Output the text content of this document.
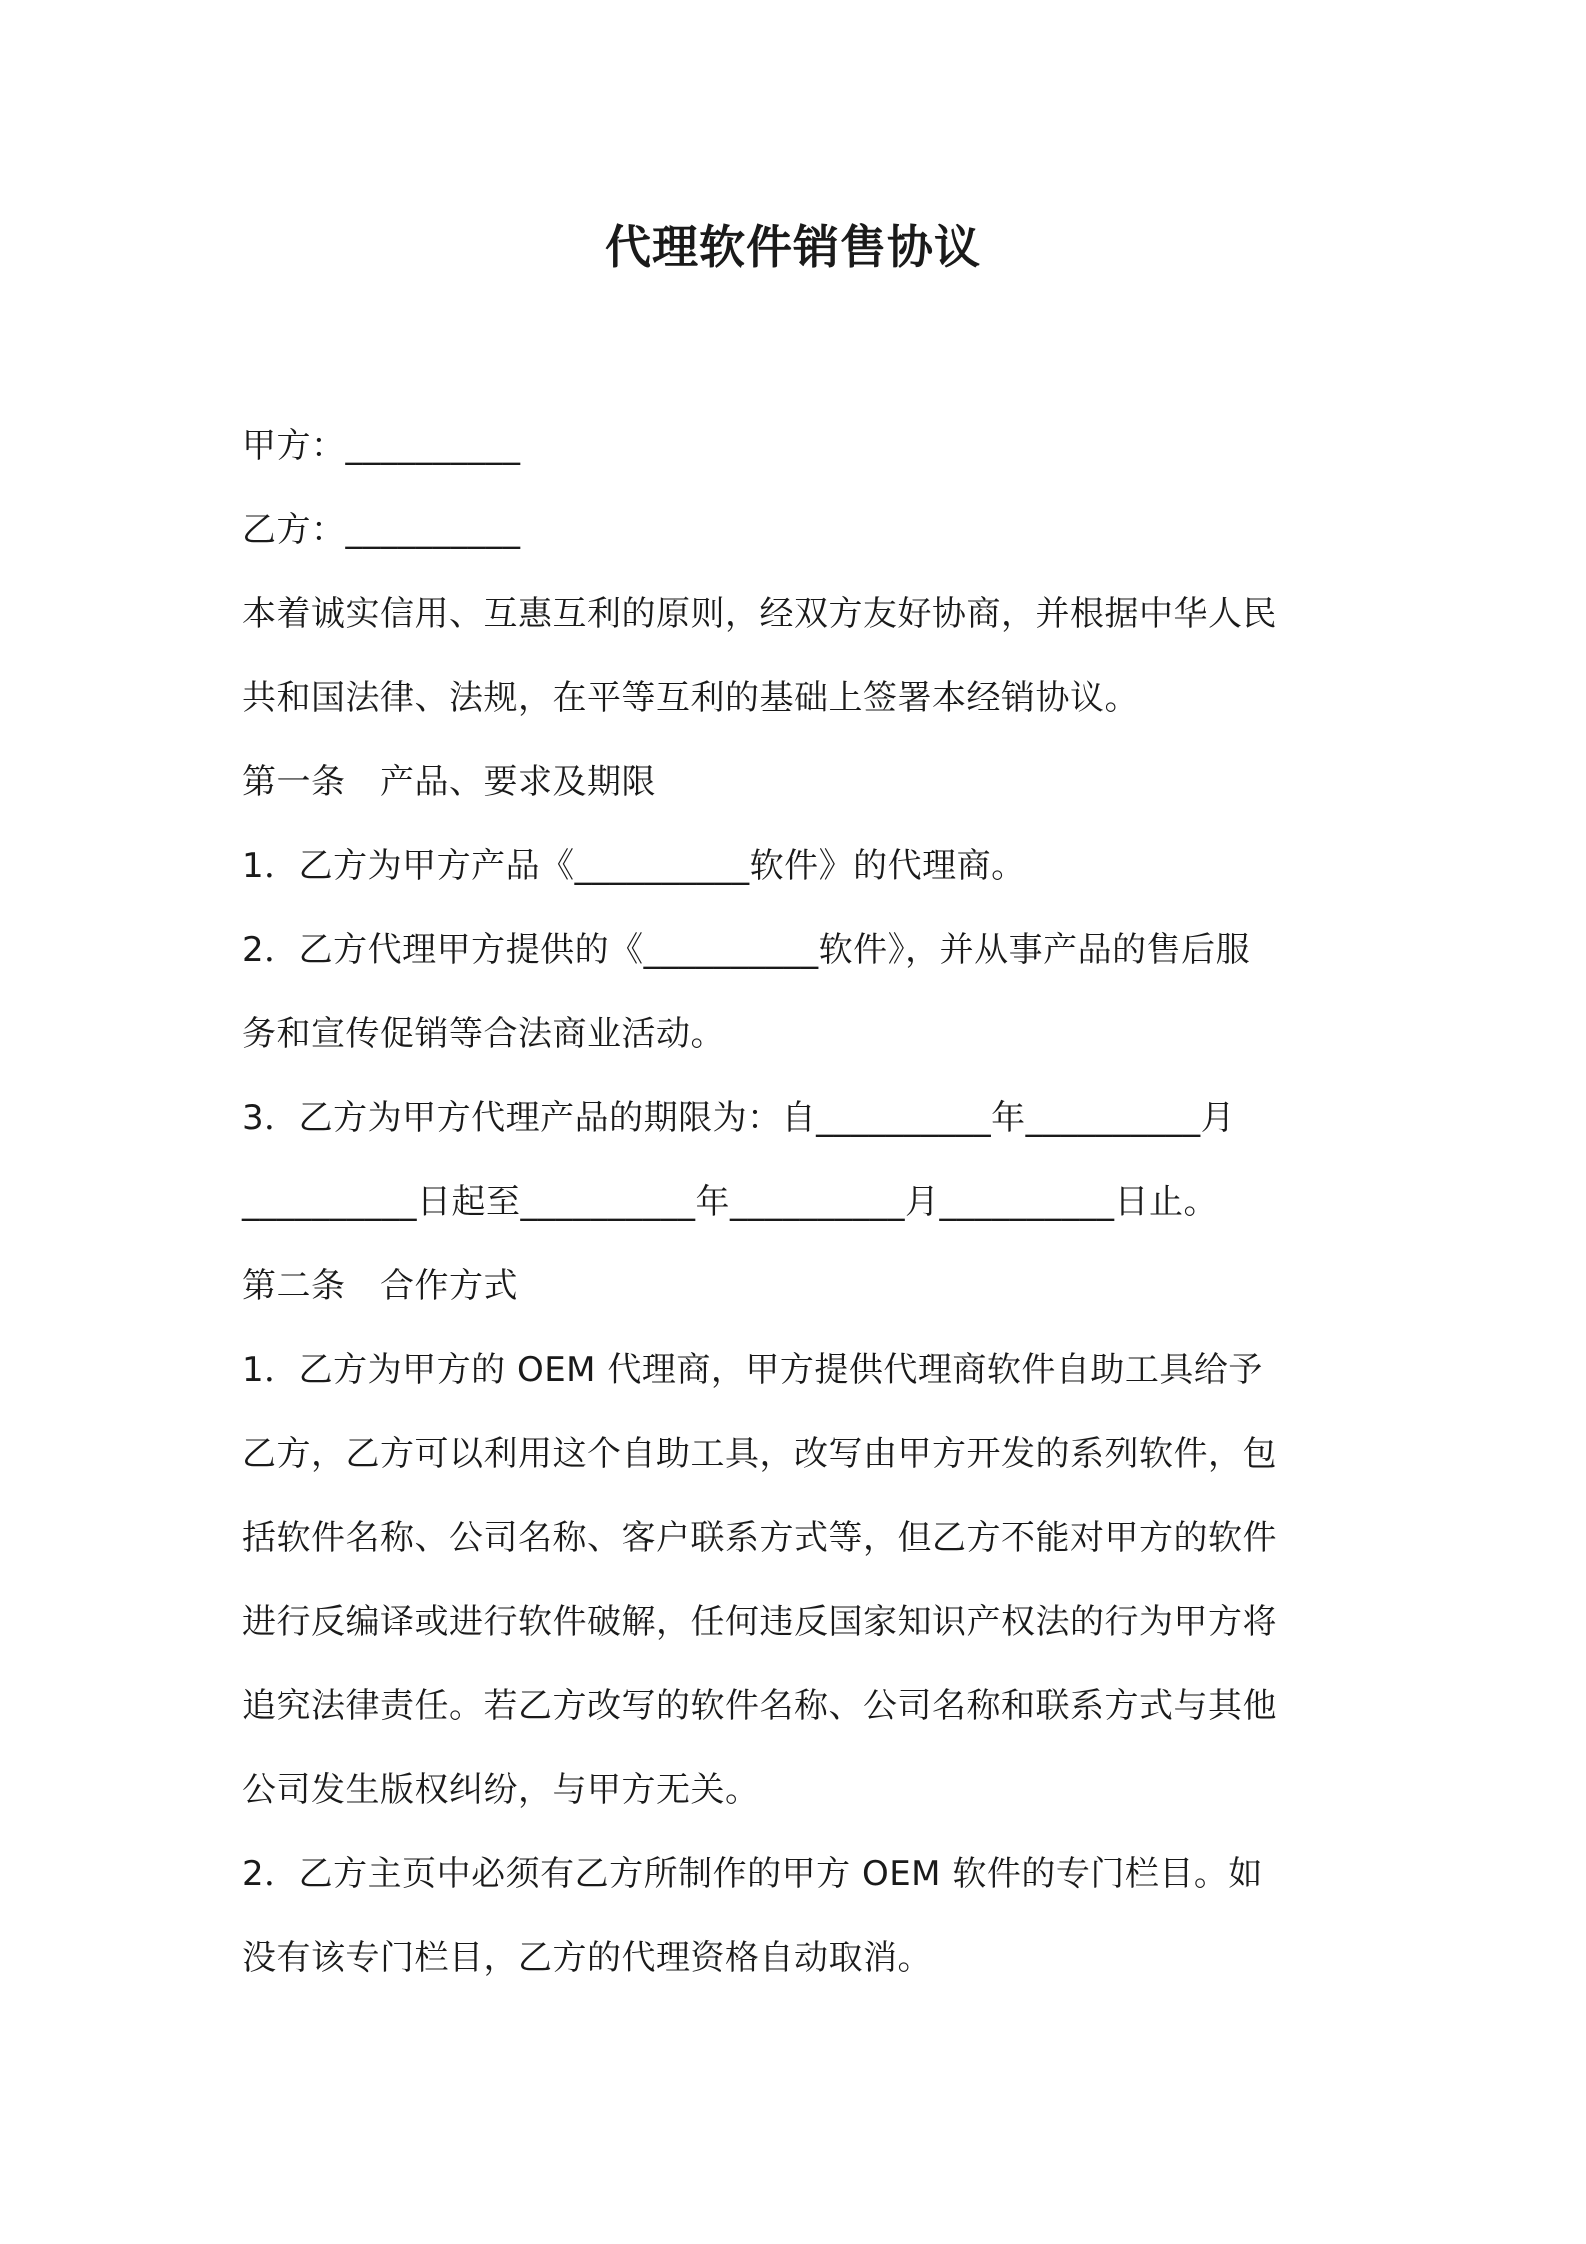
代理软件销售协议
甲方：__________
乙方：__________
本着诚实信用、互惠互利的原则，经双方友好协商，并根据中华人民
共和国法律、法规，在平等互利的基础上签署本经销协议。
第一条　产品、要求及期限
1．乙方为甲方产品《__________软件》的代理商。
2．乙方代理甲方提供的《__________软件》，并从事产品的售后服
务和宣传促销等合法商业活动。
3．乙方为甲方代理产品的期限为：自__________年__________月
__________日起至__________年__________月__________日止。
第二条　合作方式
1．乙方为甲方的 OEM 代理商，甲方提供代理商软件自助工具给予
乙方，乙方可以利用这个自助工具，改写由甲方开发的系列软件，包
括软件名称、公司名称、客户联系方式等，但乙方不能对甲方的软件
进行反编译或进行软件破解，任何违反国家知识产权法的行为甲方将
追究法律责任。若乙方改写的软件名称、公司名称和联系方式与其他
公司发生版权纠纷，与甲方无关。
2．乙方主页中必须有乙方所制作的甲方 OEM 软件的专门栏目。如
没有该专门栏目，乙方的代理资格自动取消。
